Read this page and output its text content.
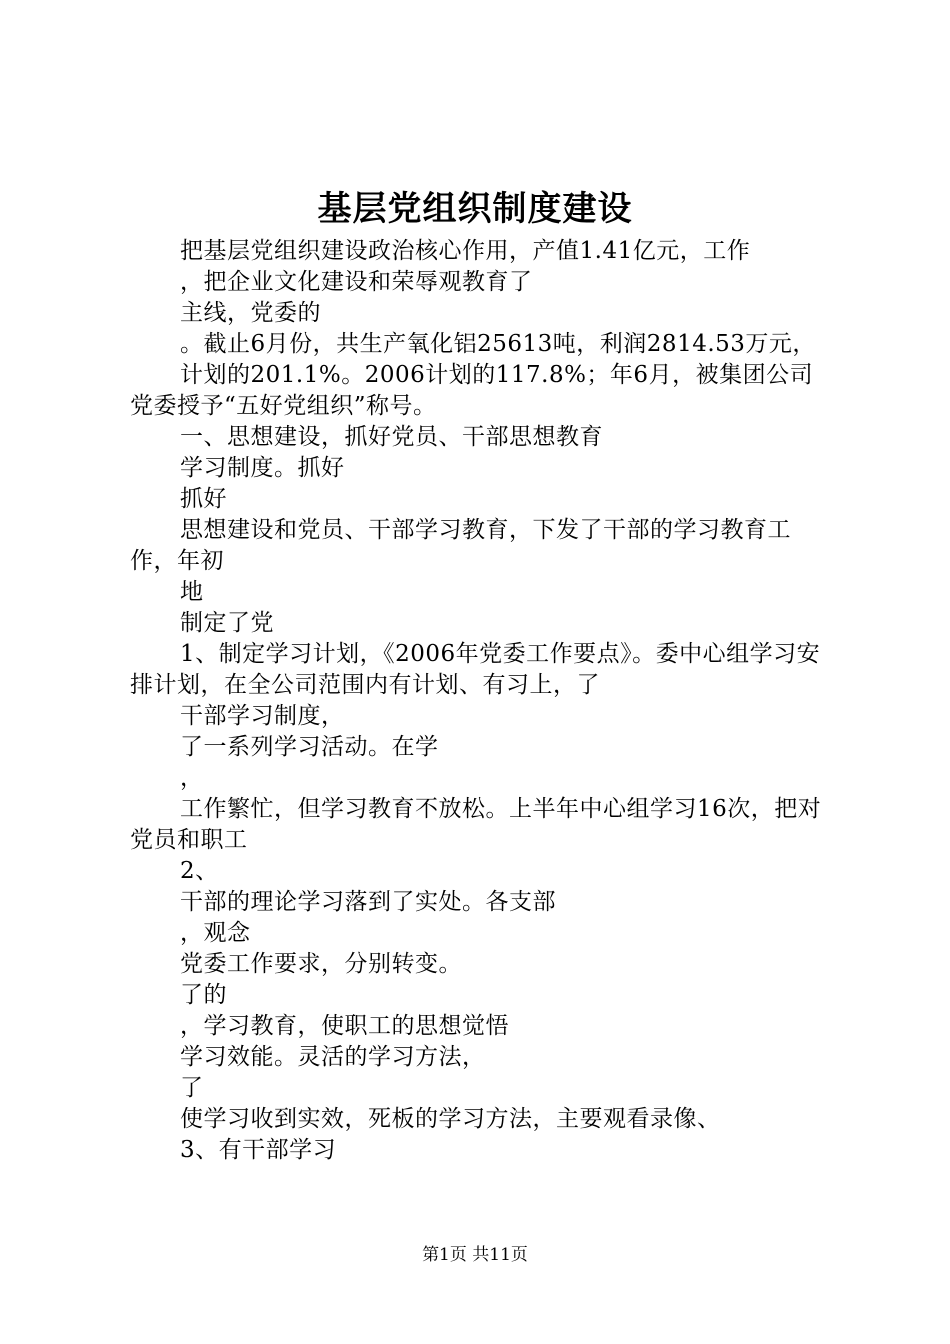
基层党组织制度建设
把基层党组织建设政治核心作用，产值1.41亿元，工作
，把企业文化建设和荣辱观教育了
主线，党委的
。截止6月份，共生产氧化铝25613吨，利润2814.53万元，
计划的201.1%。2006计划的117.8%；年6月，被集团公司党委授予“五好党组织”称号。
一、思想建设，抓好党员、干部思想教育
学习制度。抓好
抓好
思想建设和党员、干部学习教育，下发了干部的学习教育工作，年初
地
制定了党
1、制定学习计划，《2006年党委工作要点》。委中心组学习安排计划，在全公司范围内有计划、有习上，了
干部学习制度，
了一系列学习活动。在学
，
工作繁忙，但学习教育不放松。上半年中心组学习16次，把对党员和职工
2、
干部的理论学习落到了实处。各支部
，观念
党委工作要求，分别转变。
了的
，学习教育，使职工的思想觉悟
学习效能。灵活的学习方法，
了
使学习收到实效，死板的学习方法，主要观看录像、
3、有干部学习
第1页 共11页
